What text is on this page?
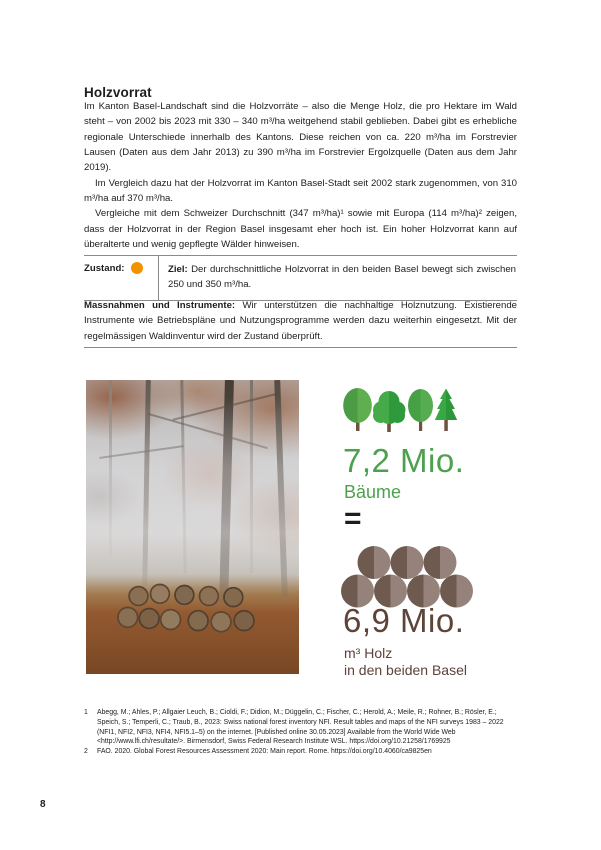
Holzvorrat

Im Kanton Basel-Landschaft sind die Holzvorräte – also die Menge Holz, die pro Hektare im Wald steht – von 2002 bis 2023 mit 330 – 340 m³/ha weitgehend stabil geblieben. Dabei gibt es erhebliche regionale Unterschiede innerhalb des Kantons. Diese reichen von ca. 220 m³/ha im Forstrevier Lausen (Daten aus dem Jahr 2013) zu 390 m³/ha im Forstrevier Ergolzquelle (Daten aus dem Jahr 2019).

Im Vergleich dazu hat der Holzvorrat im Kanton Basel-Stadt seit 2002 stark zugenommen, von 310 m³/ha auf 370 m³/ha.

Vergleiche mit dem Schweizer Durchschnitt (347 m³/ha)¹ sowie mit Europa (114 m³/ha)² zeigen, dass der Holzvorrat in der Region Basel insgesamt eher hoch ist. Ein hoher Holzvorrat kann auf überalterte und wenig gepflegte Wälder hinweisen.

Zustand:	Ziel: Der durchschnittliche Holzvorrat in den beiden Basel bewegt sich zwischen 250 und 350 m³/ha.
Massnahmen und Instrumente: Wir unterstützen die nachhaltige Holznutzung. Existierende Instrumente wie Betriebspläne und Nutzungsprogramme werden dazu weiterhin eingesetzt. Mit der regelmässigen Waldinventur wird der Zustand überprüft.
7,2 Mio.
Bäume
=
6,9 Mio.
m³ Holz
in den beiden Basel
1	Abegg, M.; Ahles, P.; Allgaier Leuch, B.; Cioldi, F.; Didion, M.; Düggelin, C.; Fischer, C.; Herold, A.; Meile, R.; Rohner, B.; Rösler, E.; Speich, S.; Temperli, C.; Traub, B., 2023: Swiss national forest inventory NFI. Result tables and maps of the NFI surveys 1983 – 2022 (NFI1, NFI2, NFI3, NFI4, NFI5.1–5) on the internet. [Published online 30.05.2023] Available from the World Wide Web <http://www.lfi.ch/resultate/>. Birmensdorf, Swiss Federal Research Institute WSL. https://doi.org/10.21258/1769925
2	FAO. 2020. Global Forest Resources Assessment 2020: Main report. Rome. https://doi.org/10.4060/ca9825en
8
